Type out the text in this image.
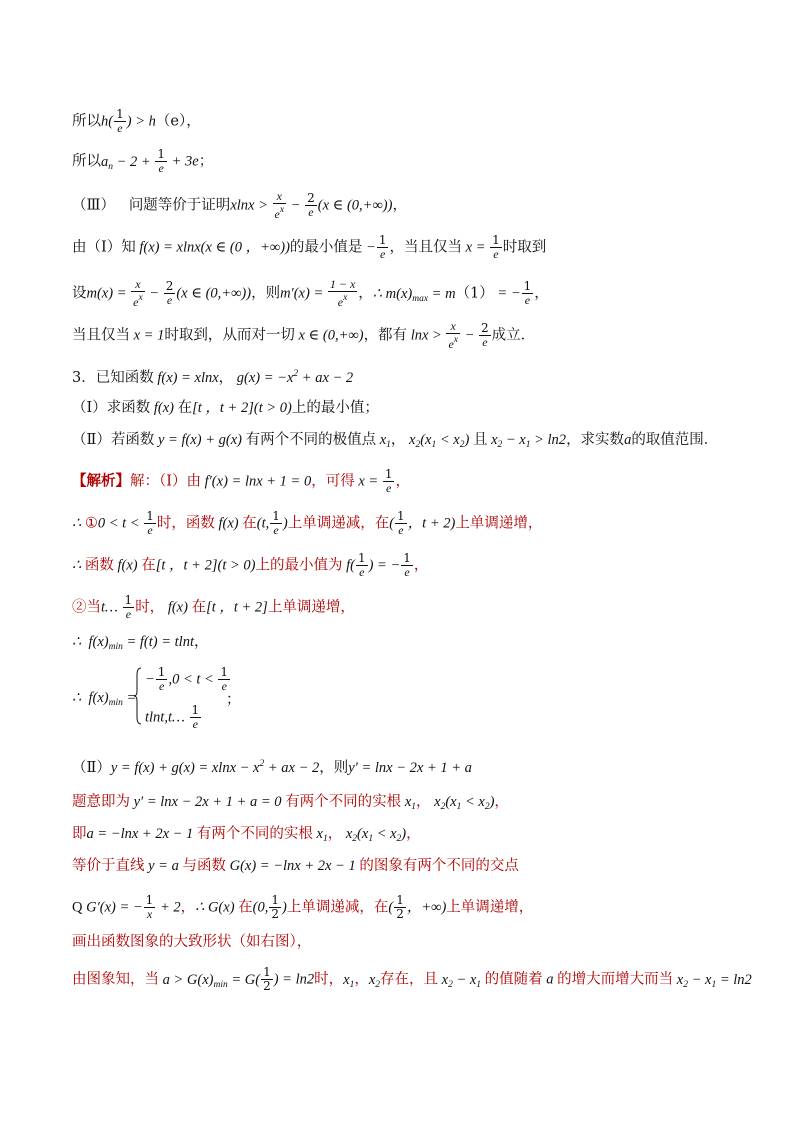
所以$h( \frac{1}{e}$ ) > h（e），
所以$a_n - 2 + \frac{1}{e} + 3e$；
（Ⅲ） 问题等价于证明$xlnx > \frac{x}{e^x} - \frac{2}{e} (x$ ∈ (0,+∞))，
由（Ⅰ）知 f(x) = xlnx(x ∈ (0 ，+∞))的最小值是 − $\frac{1}{e}$ ，当且仅当 $x = \frac{1}{e}$ 时取到
设$m(x) = \frac{x}{e^x} - \frac{2}{e} (x$ ∈ (0,+∞))，则$m'(x) = \frac{1 - x}{e^x}$ ，∴ $m(x)_{max} = m(1)$ = − $\frac{1}{e}$ ，
当且仅当 x = 1时取到，从而对一切 x ∈ (0,+∞)，都有 $\ln x > \frac{x}{e^x} - \frac{2}{e}$ 成立．
3．已知函数 f(x) = xlnx， $g(x) = -x^2$ + ax − 2
（Ⅰ）求函数 f(x) 在[t ，t + 2](t > 0)上的最小值；
（Ⅱ）若函数 y = f(x) + g(x) 有两个不同的极值点 $x_1$， $x_2(x_1 < x_2)$ 且 $x_2 - x_1 > \ln 2$，求实数a的取值范围．
【解析】解：（Ⅰ）由 f′(x) = lnx + 1 = 0，可得 $x = \frac{1}{e}$ ，
∴ ①0 < $t < \frac{1}{e}$ 时，函数 f(x) 在(t, $\frac{1}{e}$ )上单调递减，在( $\frac{1}{e}$ ，t + 2)上单调递增，
∴ 函数 f(x) 在[t ，t + 2](t > 0)上的最小值为 $f( \frac{1}{e}$ ) = − $\frac{1}{e}$ ，
②当t… $\frac{1}{e}$ 时， f(x) 在[t ，t + 2]上单调递增，
∴  $f(x)_{min} = f(t) = tlnt$，
∴  $f(x)_{min}$ =
− $\frac{1}{e} ,0 < t < \frac{1}{e}$
tlnt,t… $\frac{1}{e}$
；
（Ⅱ）y = $f(x) + g(x) = xlnx - x^2$ + ax − 2，则y′ = lnx − 2x + 1 + a
题意即为 y′ = lnx − 2x + 1 + a = 0 有两个不同的实根 $x_1$， $x_2(x_1 < x_2)$，
即a = −lnx + 2x − 1 有两个不同的实根 $x_1$， $x_2(x_1 < x_2)$，
等价于直线 y = a 与函数 G(x) = −lnx + 2x − 1 的图象有两个不同的交点
Q G′(x) = − $\frac{1}{x} + 2$，∴ G(x) 在(0, $\frac{1}{2}$ )上单调递减，在( $\frac{1}{2}$ ，+∞)上单调递增，
画出函数图象的大致形状（如右图），
由图象知，当 $a > G(x)_{min} = G( \frac{1}{2}$ ) = ln2时，$x_1$，$x_2$存在，且 $x_2 - x_1$ 的值随着 a 的增大而增大而当 $x_2 - x_1 = \ln 2$
